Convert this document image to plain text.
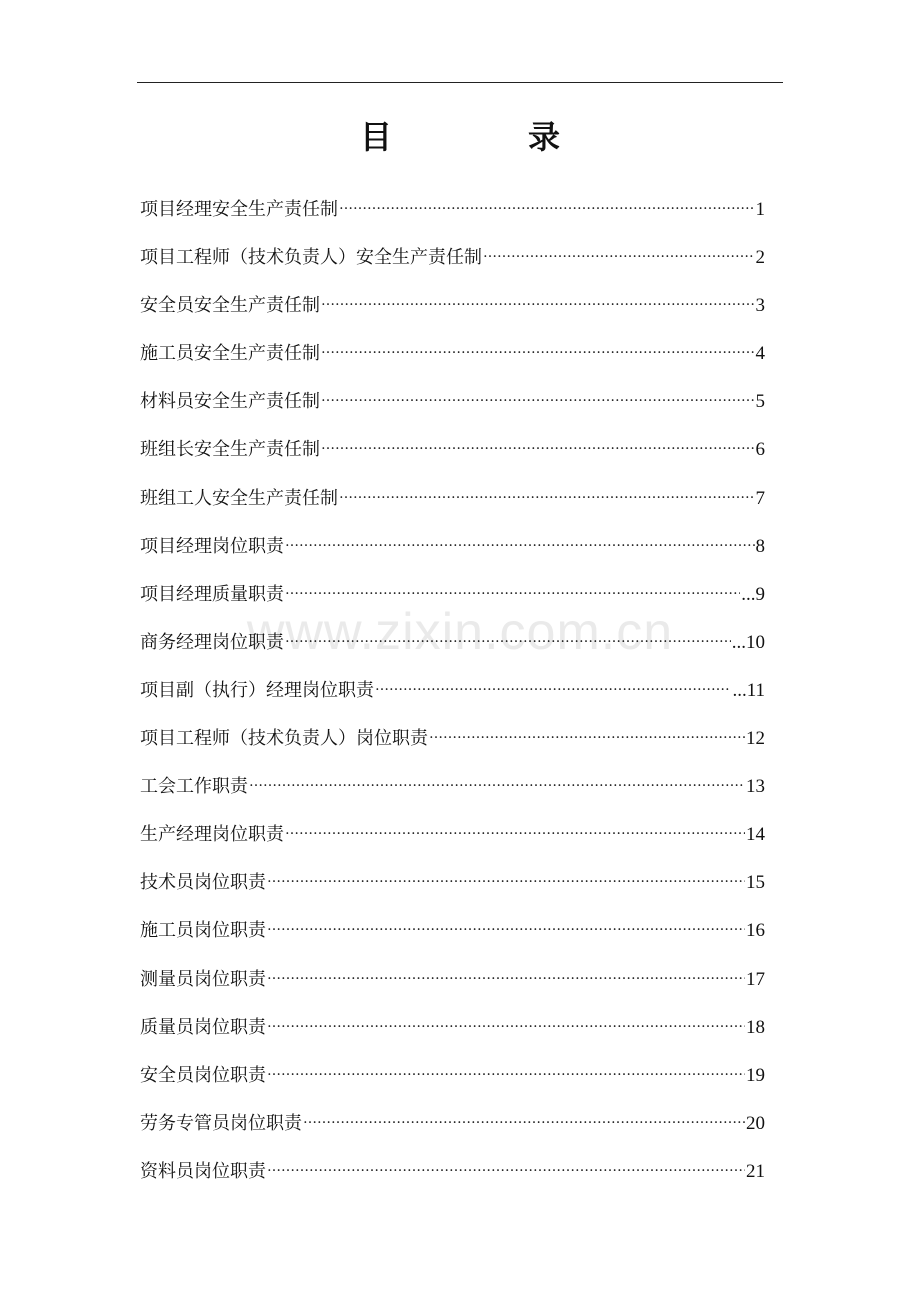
目　录
www.zixin.com.cn
项目经理安全生产责任制 ……………………………………………………………………………………………………………………………………	1
项目工程师（技术负责人）安全生产责任制 ……………………………………………………………………………………………………………………………………	2
安全员安全生产责任制 ……………………………………………………………………………………………………………………………………	3
施工员安全生产责任制 ……………………………………………………………………………………………………………………………………	4
材料员安全生产责任制 ……………………………………………………………………………………………………………………………………	5
班组长安全生产责任制 ……………………………………………………………………………………………………………………………………	6
班组工人安全生产责任制 ……………………………………………………………………………………………………………………………………	7
项目经理岗位职责 ……………………………………………………………………………………………………………………………………	8
项目经理质量职责 ……………………………………………………………………………………………………………………………………	...9
商务经理岗位职责 ……………………………………………………………………………………………………………………………………	...10
项目副（执行）经理岗位职责 ……………………………………………………………………………………………………………………………………	...11
项目工程师（技术负责人）岗位职责 ……………………………………………………………………………………………………………………………………	12
工会工作职责 ……………………………………………………………………………………………………………………………………	13
生产经理岗位职责 ……………………………………………………………………………………………………………………………………	14
技术员岗位职责 ……………………………………………………………………………………………………………………………………	15
施工员岗位职责 ……………………………………………………………………………………………………………………………………	16
测量员岗位职责 ……………………………………………………………………………………………………………………………………	17
质量员岗位职责 ……………………………………………………………………………………………………………………………………	18
安全员岗位职责 ……………………………………………………………………………………………………………………………………	19
劳务专管员岗位职责 ……………………………………………………………………………………………………………………………………	20
资料员岗位职责 ……………………………………………………………………………………………………………………………………	21
